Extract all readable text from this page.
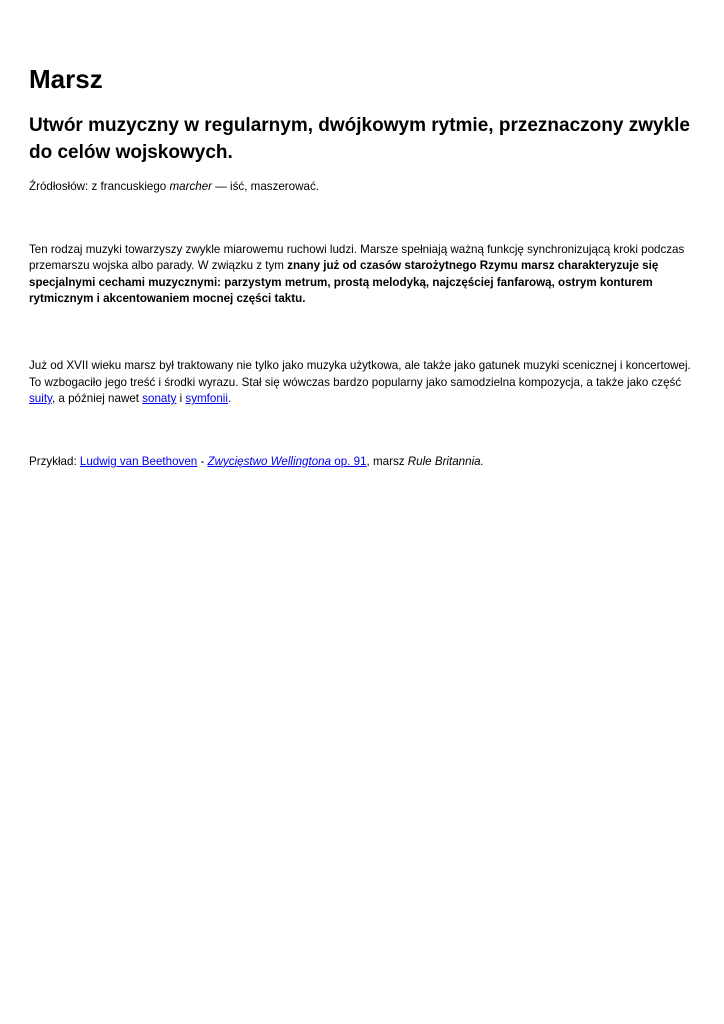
Marsz
Utwór muzyczny w regularnym, dwójkowym rytmie, przeznaczony zwykle do celów wojskowych.

Źródłosłów: z francuskiego marcher — iść, maszerować.

Ten rodzaj muzyki towarzyszy zwykle miarowemu ruchowi ludzi. Marsze spełniają ważną funkcję synchronizującą kroki podczas przemarszu wojska albo parady. W związku z tym znany już od czasów starożytnego Rzymu marsz charakteryzuje się specjalnymi cechami muzycznymi: parzystym metrum, prostą melodyką, najczęściej fanfarową, ostrym konturem rytmicznym i akcentowaniem mocnej części taktu.

Już od XVII wieku marsz był traktowany nie tylko jako muzyka użytkowa, ale także jako gatunek muzyki scenicznej i koncertowej. To wzbogaciło jego treść i środki wyrazu. Stał się wówczas bardzo popularny jako samodzielna kompozycja, a także jako część suity, a później nawet sonaty i symfonii.

Przykład: Ludwig van Beethoven - Zwycięstwo Wellingtona op. 91, marsz Rule Britannia.
